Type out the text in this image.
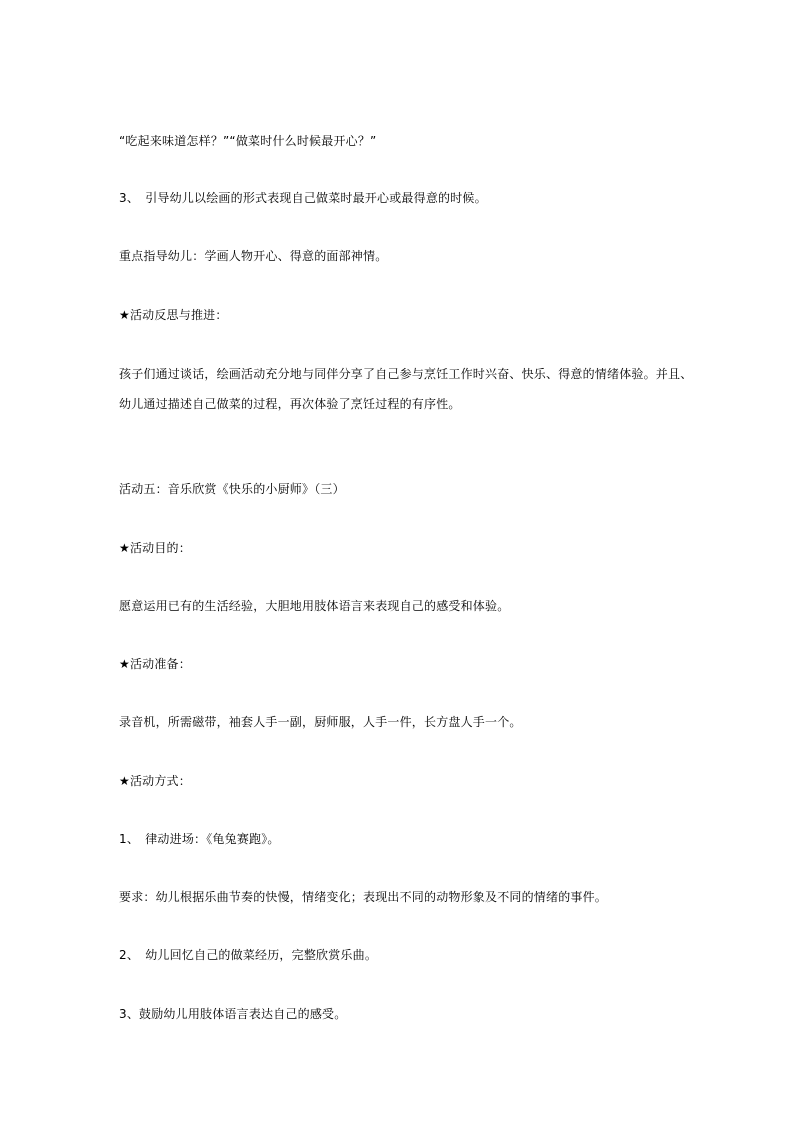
“吃起来味道怎样？”“做菜时什么时候最开心？”
3、　引导幼儿以绘画的形式表现自己做菜时最开心或最得意的时候。
重点指导幼儿：学画人物开心、得意的面部神情。
★活动反思与推进：
孩子们通过谈话，绘画活动充分地与同伴分享了自己参与烹饪工作时兴奋、快乐、得意的情绪体验。并且、
幼儿通过描述自己做菜的过程，再次体验了烹饪过程的有序性。
活动五：音乐欣赏《快乐的小厨师》（三）
★活动目的：
愿意运用已有的生活经验，大胆地用肢体语言来表现自己的感受和体验。
★活动准备：
录音机，所需磁带，袖套人手一副，厨师服，人手一件，长方盘人手一个。
★活动方式：
1、　律动进场：《龟兔赛跑》。
要求：幼儿根据乐曲节奏的快慢，情绪变化；表现出不同的动物形象及不同的情绪的事件。
2、　幼儿回忆自己的做菜经历，完整欣赏乐曲。
3、鼓励幼儿用肢体语言表达自己的感受。
